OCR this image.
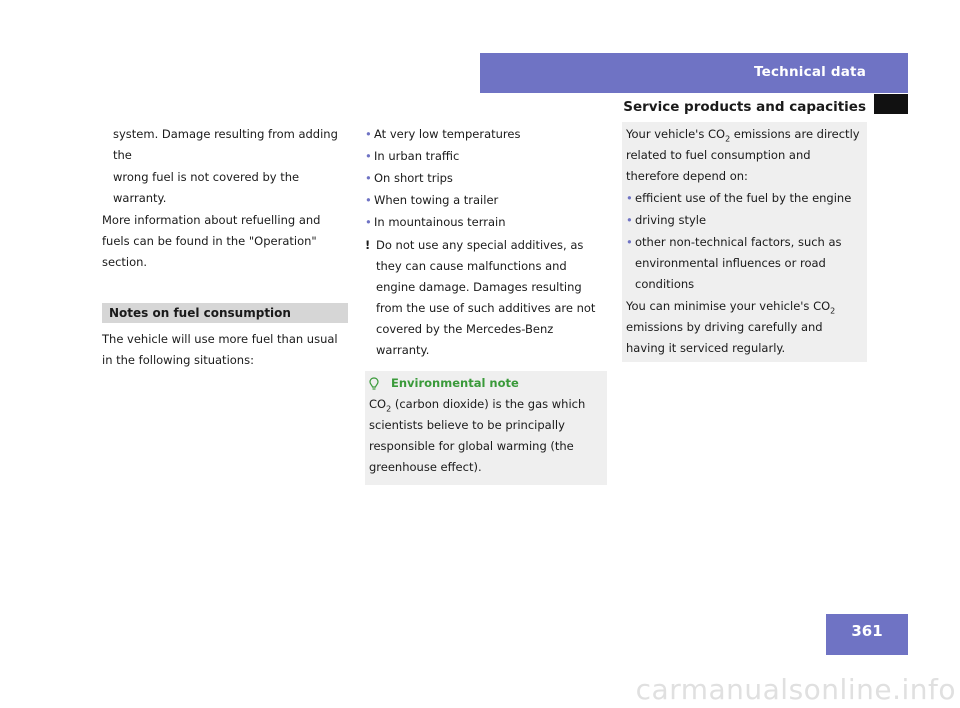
Technical data
Service products and capacities

system. Damage resulting from adding the

wrong fuel is not covered by the warranty.

More information about refuelling and fuels can be found in the "Operation" section.

Notes on fuel consumption

The vehicle will use more fuel than usual in the following situations:

• At very low temperatures
• In urban traffic
• On short trips
• When towing a trailer
• In mountainous terrain
! Do not use any special additives, as they can cause malfunctions and engine damage. Damages resulting from the use of such additives are not covered by the Mercedes-Benz warranty.
Environmental note

$CO_2$ (carbon dioxide) is the gas which scientists believe to be principally responsible for global warming (the greenhouse effect).

Your vehicle's $CO_2$ emissions are directly related to fuel consumption and therefore depend on:

• efficient use of the fuel by the engine
• driving style
• other non-technical factors, such as environmental influences or road conditions

You can minimise your vehicle's $CO_2$ emissions by driving carefully and having it serviced regularly.

361
carmanualsonline.info
